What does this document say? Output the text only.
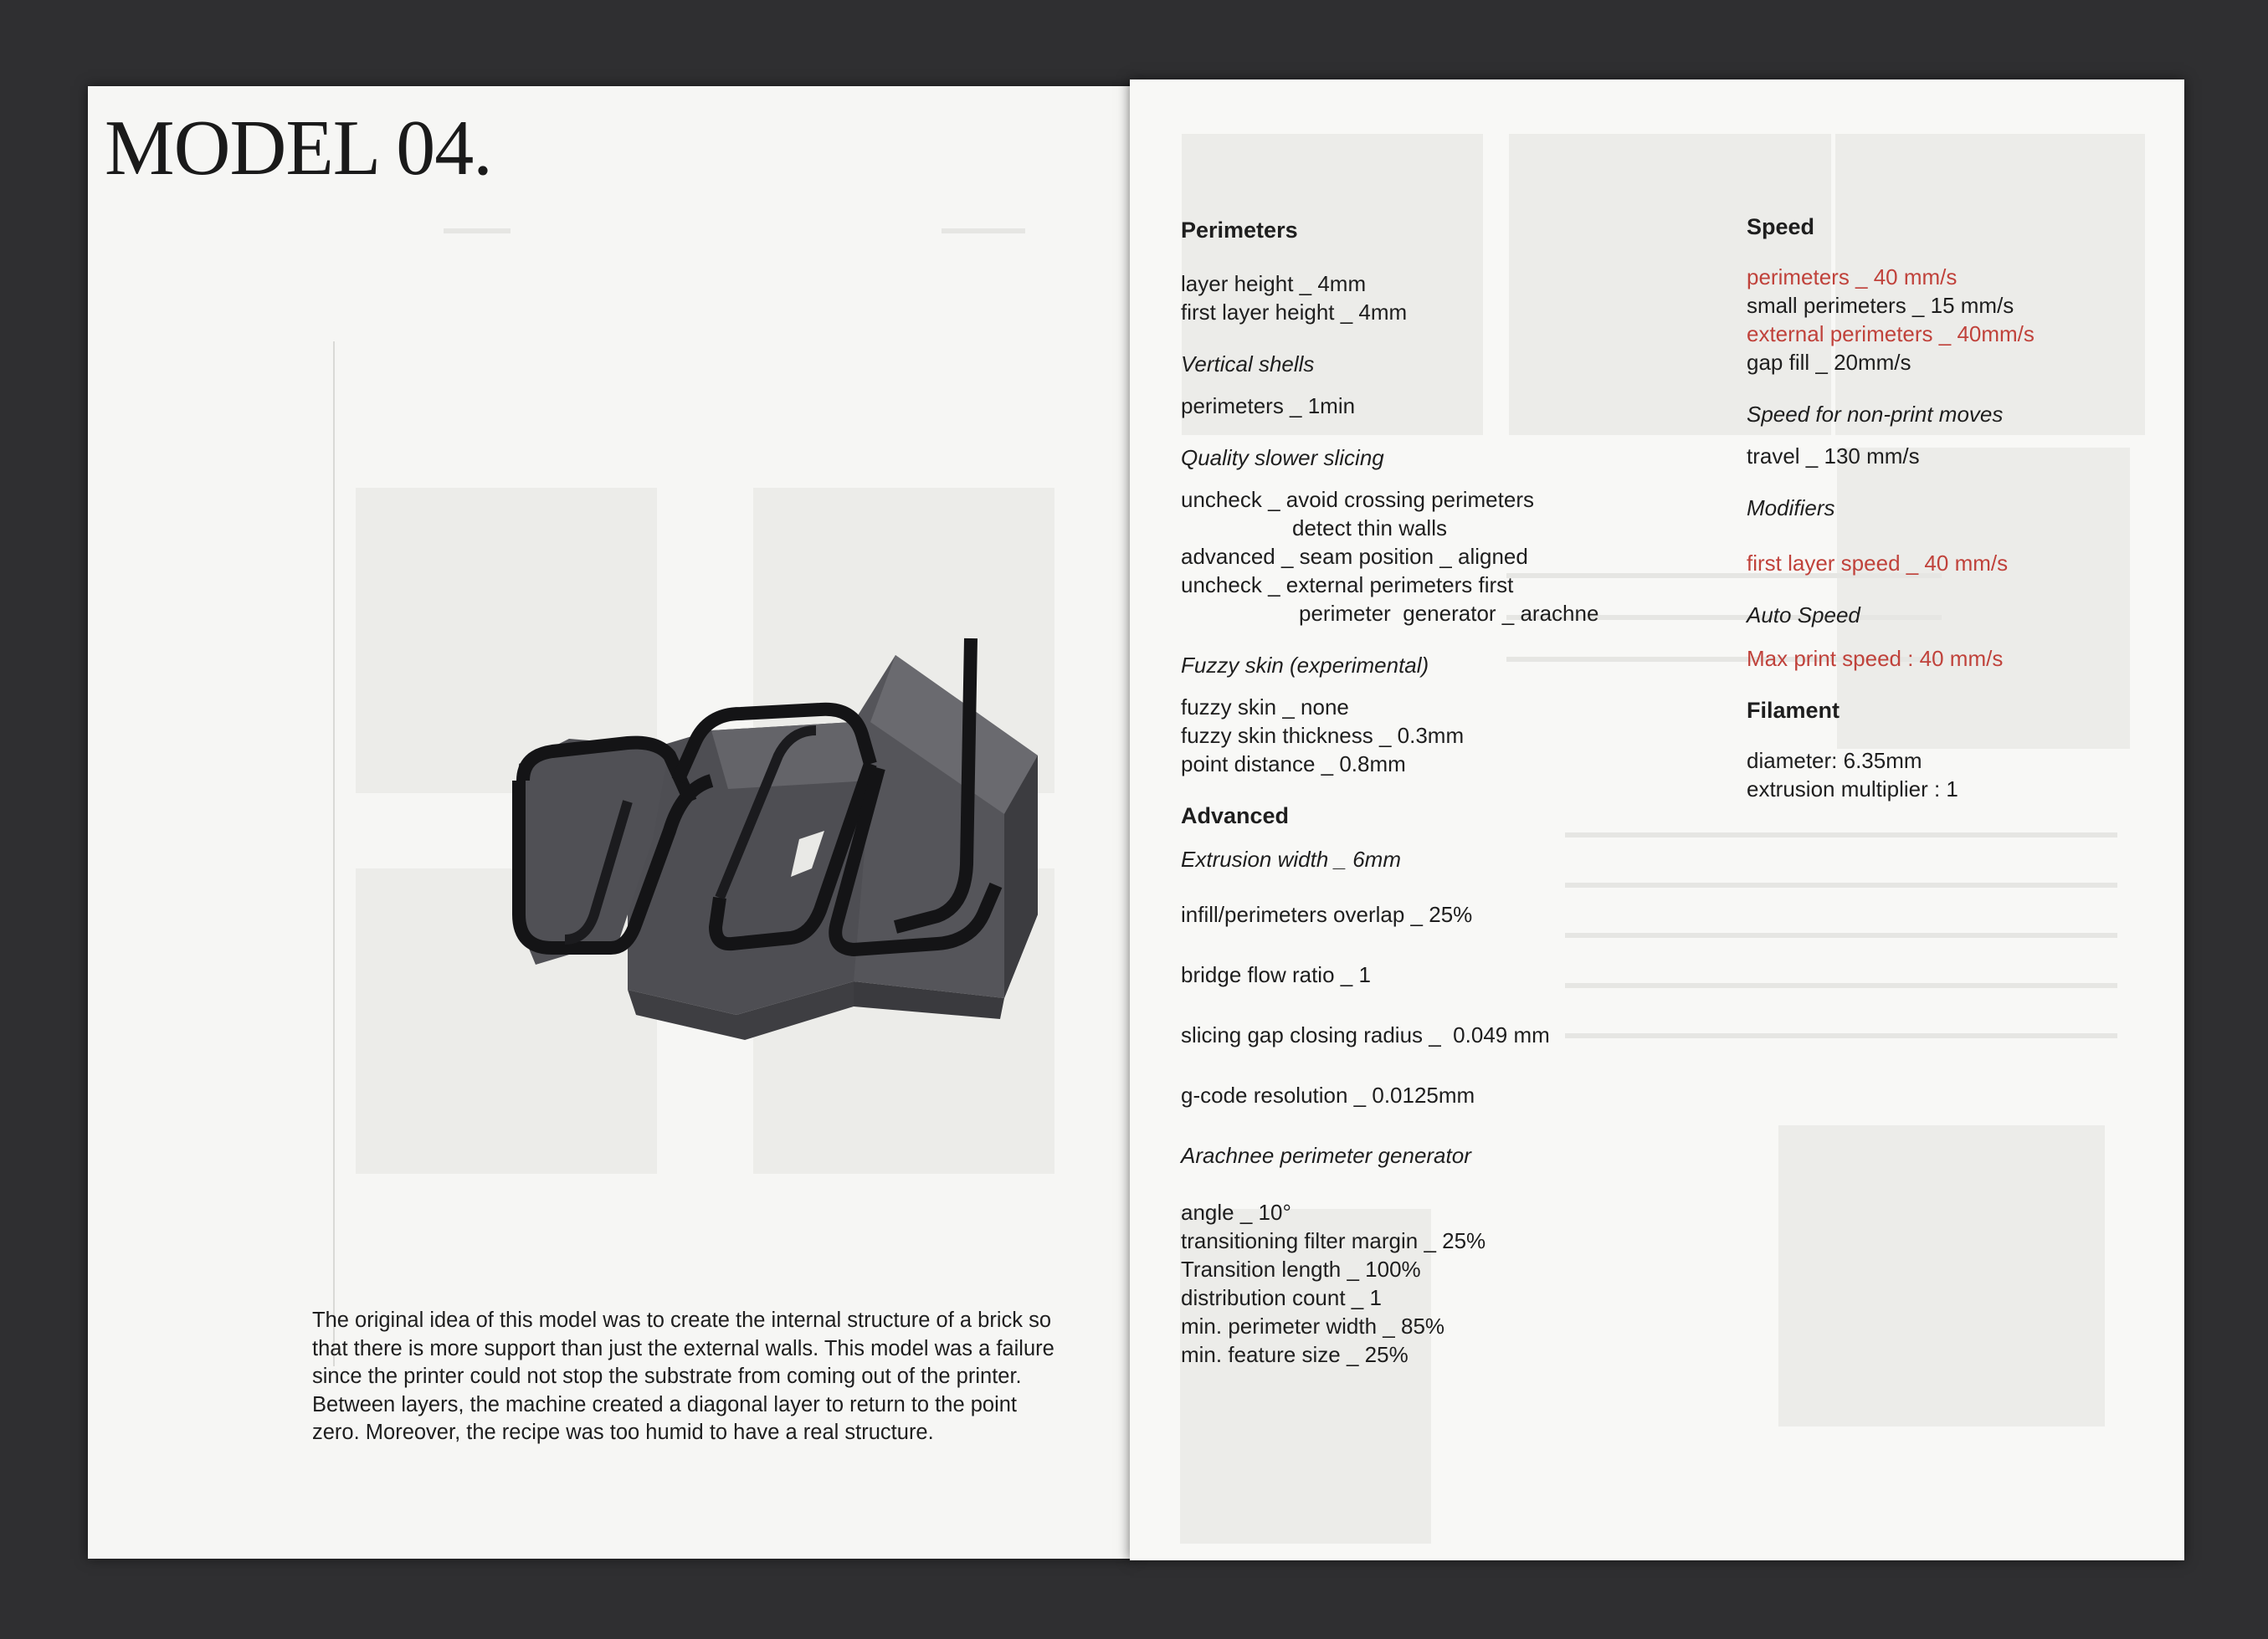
MODEL 04.

The original idea of this model was to create the internal structure of a brick so that there is more support than just the external walls. This model was a failure since the printer could not stop the substrate from coming out of the printer. Between layers, the machine created a diagonal layer to return to the point zero. Moreover, the recipe was too humid to have a real structure.

Perimeters

layer height _ 4mm

first layer height _ 4mm

Vertical shells

perimeters _ 1min

Quality slower slicing

uncheck _ avoid crossing perimeters

detect thin walls

advanced _ seam position _ aligned

uncheck _ external perimeters first

perimeter  generator _ arachne

Fuzzy skin (experimental)

fuzzy skin _ none

fuzzy skin thickness _ 0.3mm

point distance _ 0.8mm

Advanced

Extrusion width _ 6mm

infill/perimeters overlap _ 25%

bridge flow ratio _ 1

slicing gap closing radius _  0.049 mm

g-code resolution _ 0.0125mm

Arachnee perimeter generator

angle _ 10°

transitioning filter margin _ 25%

Transition length _ 100%

distribution count _ 1

min. perimeter width _ 85%

min. feature size _ 25%

Speed

perimeters _ 40 mm/s

small perimeters _ 15 mm/s

external perimeters _ 40mm/s

gap fill _ 20mm/s

Speed for non-print moves

travel _ 130 mm/s

Modifiers

first layer speed _ 40 mm/s

Auto Speed

Max print speed : 40 mm/s

Filament

diameter: 6.35mm

extrusion multiplier : 1
